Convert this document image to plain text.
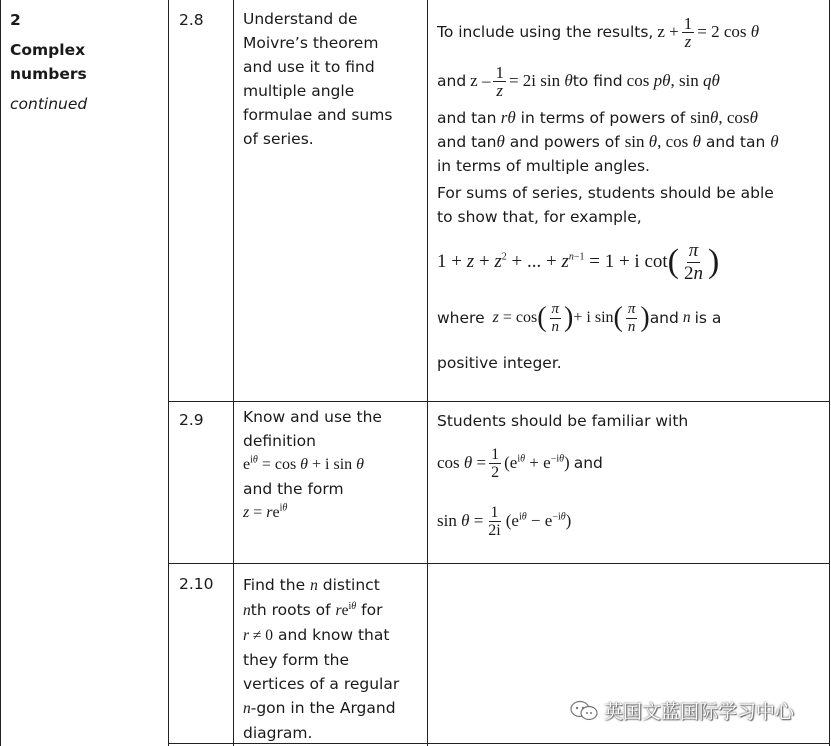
2
Complex
numbers
continued
2.8	Understand de
Moivre’s theorem
and use it to find
multiple angle
formulae and sums
of series.
To include using the results, $z + \frac{1}{z} = 2$ cos θ
and $z - \frac{1}{z} = 2i$ sin θ to find cos pθ, sin qθ
and tan rθ in terms of powers of sinθ, cosθ
and tanθ and powers of sin θ, cos θ and tan θ
in terms of multiple angles.
For sums of series, students should be able
to show that, for example,
$1 + z + z^2$ + ... + $z^{n-1} = 1 + i$ cot ( $\frac{\pi}{2n}$ )
where z = cos ( $\frac{\pi}{n}$ ) + i sin ( $\frac{\pi}{n}$ ) and n is a
positive integer.
2.9	Know and use the
definition
$e^{i\theta} = \cos \theta + i$ sin θ
and the form
$z = re^{i\theta}$
Students should be familiar with
$\cos \theta = \frac{1}{2} (e^{i\theta} + e^{-i\theta})$ and
$\sin \theta = \frac{1}{2i} (e^{i\theta} - e^{-i\theta})$
2.10 Find the n distinct
nth roots of $re^{i\theta}$ for
r ≠ 0 and know that
they form the
vertices of a regular
n-gon in the Argand
diagram.
英国文蓝国际学习中心
